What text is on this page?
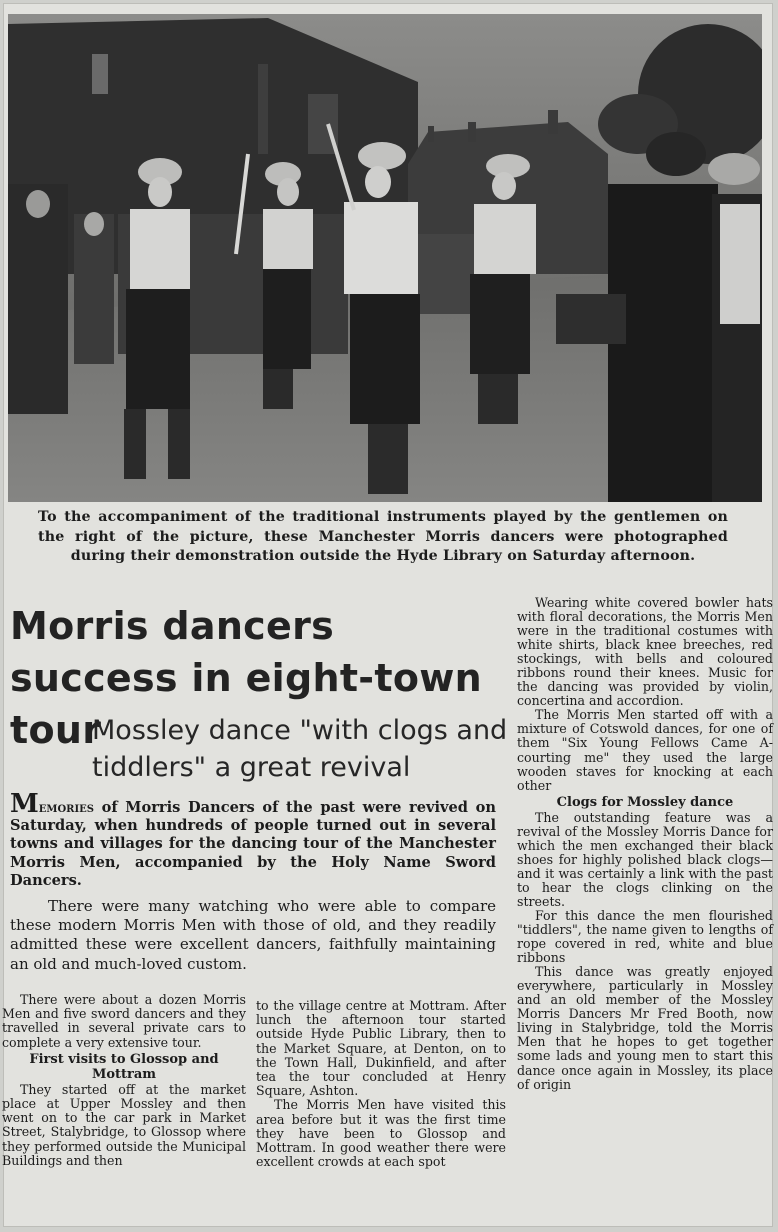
To the accompaniment of the traditional instruments played by the gentlemen on the right of the picture, these Manchester Morris dancers were photographed during their demonstration outside the Hyde Library on Saturday afternoon.
Morris dancers success in eight-town tour
Mossley dance "with clogs and tiddlers" a great revival
Memories of Morris Dancers of the past were revived on Saturday, when hundreds of people turned out in several towns and villages for the dancing tour of the Manchester Morris Men, accompanied by the Holy Name Sword Dancers.
There were many watching who were able to compare these modern Morris Men with those of old, and they readily admitted these were excellent dancers, faithfully maintaining an old and much-loved custom.

There were about a dozen Morris Men and five sword dancers and they travelled in several private cars to complete a very extensive tour.

First visits to Glossop and Mottram

They started off at the market place at Upper Mossley and then went on to the car park in Market Street, Stalybridge, to Glossop where they performed outside the Municipal Buildings and then

to the village centre at Mottram. After lunch the afternoon tour started outside Hyde Public Library, then to the Market Square, at Denton, on to the Town Hall, Dukinfield, and after tea the tour concluded at Henry Square, Ashton.

The Morris Men have visited this area before but it was the first time they have been to Glossop and Mottram. In good weather there were excellent crowds at each spot

Wearing white covered bowler hats with floral decorations, the Morris Men were in the traditional costumes with white shirts, black knee breeches, red stockings, with bells and coloured ribbons round their knees. Music for the dancing was provided by violin, concertina and accordion.

The Morris Men started off with a mixture of Cotswold dances, for one of them "Six Young Fellows Came A-courting me" they used the large wooden staves for knocking at each other

Clogs for Mossley dance

The outstanding feature was a revival of the Mossley Morris Dance for which the men exchanged their black shoes for highly polished black clogs—and it was certainly a link with the past to hear the clogs clinking on the streets.

For this dance the men flourished "tiddlers", the name given to lengths of rope covered in red, white and blue ribbons

This dance was greatly enjoyed everywhere, particularly in Mossley and an old member of the Mossley Morris Dancers Mr Fred Booth, now living in Stalybridge, told the Morris Men that he hopes to get together some lads and young men to start this dance once again in Mossley, its place of origin
